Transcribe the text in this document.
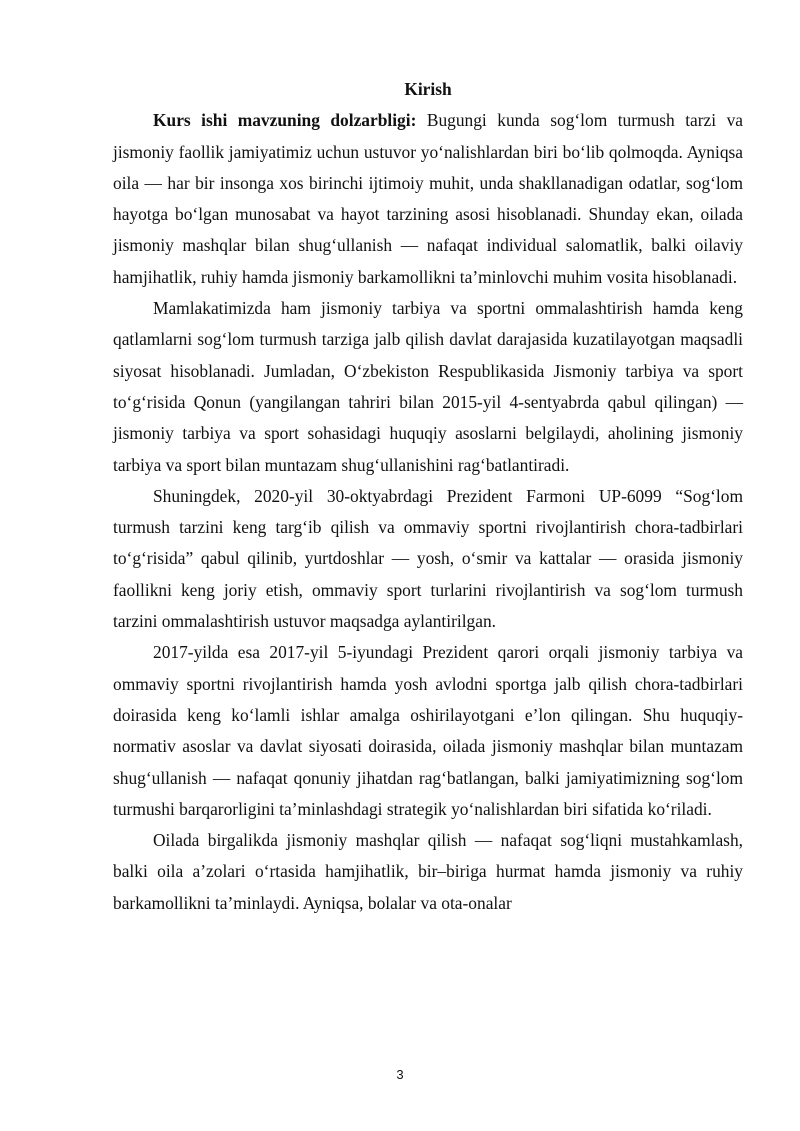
Kirish

Kurs ishi mavzuning dolzarbligi: Bugungi kunda sog‘lom turmush tarzi va jismoniy faollik jamiyatimiz uchun ustuvor yo‘nalishlardan biri bo‘lib qolmoqda. Ayniqsa oila — har bir insonga xos birinchi ijtimoiy muhit, unda shakllanadigan odatlar, sog‘lom hayotga bo‘lgan munosabat va hayot tarzining asosi hisoblanadi. Shunday ekan, oilada jismoniy mashqlar bilan shug‘ullanish — nafaqat individual salomatlik, balki oilaviy hamjihatlik, ruhiy hamda jismoniy barkamollikni ta’minlovchi muhim vosita hisoblanadi.

Mamlakatimizda ham jismoniy tarbiya va sportni ommalashtirish hamda keng qatlamlarni sog‘lom turmush tarziga jalb qilish davlat darajasida kuzatilayotgan maqsadli siyosat hisoblanadi. Jumladan, O‘zbekiston Respublikasida Jismoniy tarbiya va sport to‘g‘risida Qonun (yangilangan tahriri bilan 2015-yil 4-sentyabrda qabul qilingan) — jismoniy tarbiya va sport sohasidagi huquqiy asoslarni belgilaydi, aholining jismoniy tarbiya va sport bilan muntazam shug‘ullanishini rag‘batlantiradi.

Shuningdek, 2020-yil 30-oktyabrdagi Prezident Farmoni UP-6099 “Sog‘lom turmush tarzini keng targ‘ib qilish va ommaviy sportni rivojlantirish chora-tadbirlari to‘g‘risida” qabul qilinib, yurtdoshlar — yosh, o‘smir va kattalar — orasida jismoniy faollikni keng joriy etish, ommaviy sport turlarini rivojlantirish va sog‘lom turmush tarzini ommalashtirish ustuvor maqsadga aylantirilgan.

2017-yilda esa 2017-yil 5-iyundagi Prezident qarori orqali jismoniy tarbiya va ommaviy sportni rivojlantirish hamda yosh avlodni sportga jalb qilish chora-tadbirlari doirasida keng ko‘lamli ishlar amalga oshirilayotgani e’lon qilingan. Shu huquqiy-normativ asoslar va davlat siyosati doirasida, oilada jismoniy mashqlar bilan muntazam shug‘ullanish — nafaqat qonuniy jihatdan rag‘batlangan, balki jamiyatimizning sog‘lom turmushi barqarorligini ta’minlashdagi strategik yo‘nalishlardan biri sifatida ko‘riladi.

Oilada birgalikda jismoniy mashqlar qilish — nafaqat sog‘liqni mustahkamlash, balki oila a’zolari o‘rtasida hamjihatlik, bir–biriga hurmat hamda jismoniy va ruhiy barkamollikni ta’minlaydi. Ayniqsa, bolalar va ota-onalar

3
